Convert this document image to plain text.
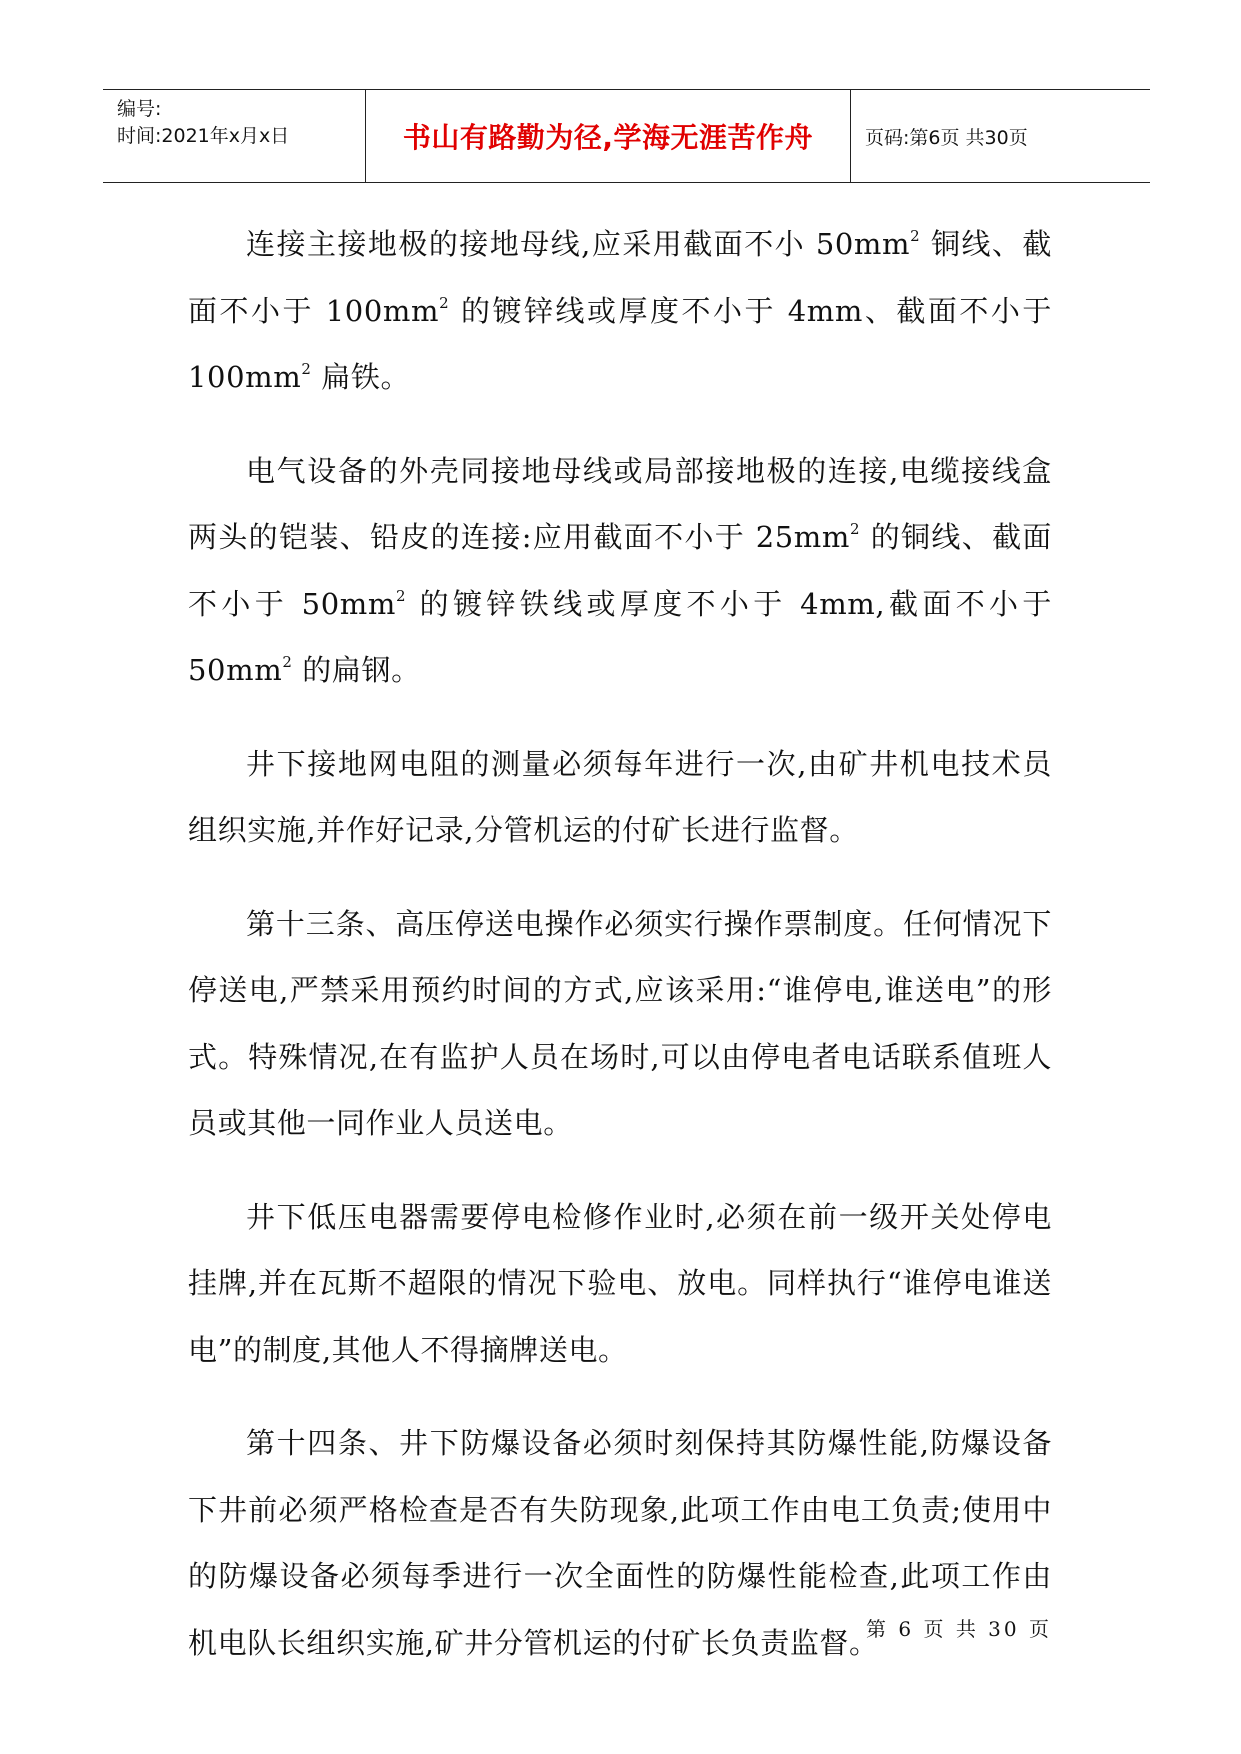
编号:
时间:2021年x月x日	书山有路勤为径,学海无涯苦作舟	页码:第6页 共30页

连接主接地极的接地母线,应采用截面不小 $50mm^2$ 铜线、截面不小于 $100mm^2$ 的镀锌线或厚度不小于 4mm、截面不小于 $100mm^2$ 扁铁。

电气设备的外壳同接地母线或局部接地极的连接,电缆接线盒两头的铠装、铅皮的连接:应用截面不小于 $25mm^2$ 的铜线、截面不小于 $50mm^2$ 的镀锌铁线或厚度不小于 4mm,截面不小于 $50mm^2$ 的扁钢。

井下接地网电阻的测量必须每年进行一次,由矿井机电技术员组织实施,并作好记录,分管机运的付矿长进行监督。

第十三条、高压停送电操作必须实行操作票制度。任何情况下停送电,严禁采用预约时间的方式,应该采用:“谁停电,谁送电”的形式。特殊情况,在有监护人员在场时,可以由停电者电话联系值班人员或其他一同作业人员送电。

井下低压电器需要停电检修作业时,必须在前一级开关处停电挂牌,并在瓦斯不超限的情况下验电、放电。同样执行“谁停电谁送电”的制度,其他人不得摘牌送电。

第十四条、井下防爆设备必须时刻保持其防爆性能,防爆设备下井前必须严格检查是否有失防现象,此项工作由电工负责;使用中的防爆设备必须每季进行一次全面性的防爆性能检查,此项工作由机电队长组织实施,矿井分管机运的付矿长负责监督。

第 6 页 共 30 页
